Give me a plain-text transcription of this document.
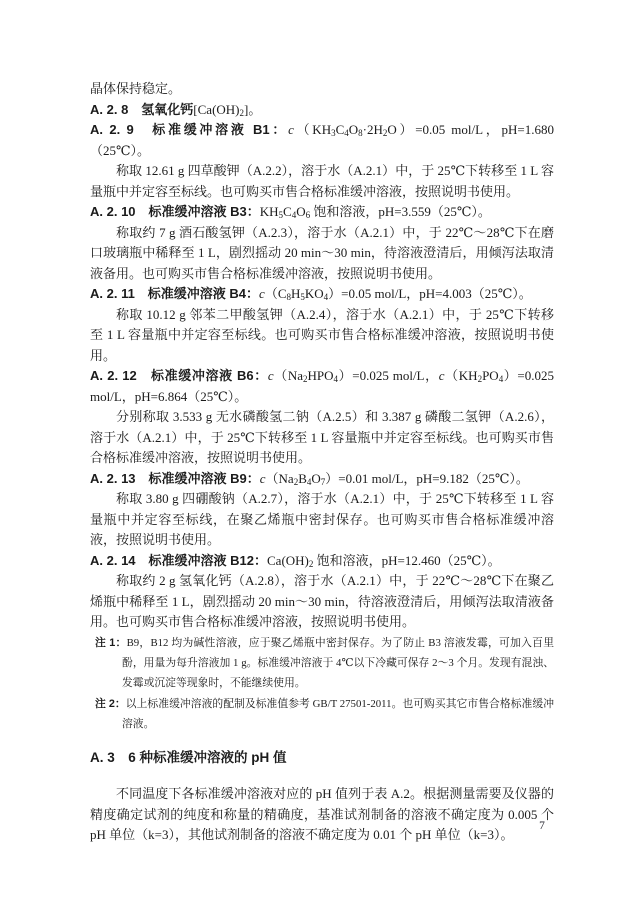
晶体保持稳定。

A. 2. 8　氢氧化钙$[Ca(OH)_2]$。

A. 2. 9　标准缓冲溶液 B1：$c(KH_3C_4O_8\cdot 2H_2O)=0.05$ mol/L，pH=1.680（25℃）。

称取 12.61 g 四草酸钾（A.2.2），溶于水（A.2.1）中，于 25℃下转移至 1 L 容量瓶中并定容至标线。也可购买市售合格标准缓冲溶液，按照说明书使用。

A. 2. 10　标准缓冲溶液 B3：$KH_5C_4O_6$ 饱和溶液，pH=3.559（25℃）。

称取约 7 g 酒石酸氢钾（A.2.3），溶于水（A.2.1）中，于 22℃～28℃下在磨口玻璃瓶中稀释至 1 L，剧烈摇动 20 min～30 min，待溶液澄清后，用倾泻法取清液备用。也可购买市售合格标准缓冲溶液，按照说明书使用。

A. 2. 11　标准缓冲溶液 B4：$c(C_8H_5KO_4)=0.05$ mol/L，pH=4.003（25℃）。

称取 10.12 g 邻苯二甲酸氢钾（A.2.4），溶于水（A.2.1）中，于 25℃下转移至 1 L 容量瓶中并定容至标线。也可购买市售合格标准缓冲溶液，按照说明书使用。

A. 2. 12　标准缓冲溶液 B6：$c(Na_2HPO_4)=0.025$ mol/L，$c(KH_2PO_4)=0.025$ mol/L，pH=6.864（25℃）。

分别称取 3.533 g 无水磷酸氢二钠（A.2.5）和 3.387 g 磷酸二氢钾（A.2.6），溶于水（A.2.1）中，于 25℃下转移至 1 L 容量瓶中并定容至标线。也可购买市售合格标准缓冲溶液，按照说明书使用。

A. 2. 13　标准缓冲溶液 B9：$c(Na_2B_4O_7)=0.01$ mol/L，pH=9.182（25℃）。

称取 3.80 g 四硼酸钠（A.2.7），溶于水（A.2.1）中，于 25℃下转移至 1 L 容量瓶中并定容至标线，在聚乙烯瓶中密封保存。也可购买市售合格标准缓冲溶液，按照说明书使用。

A. 2. 14　标准缓冲溶液 B12：$Ca(OH)_2$ 饱和溶液，pH=12.460（25℃）。

称取约 2 g 氢氧化钙（A.2.8），溶于水（A.2.1）中，于 22℃～28℃下在聚乙烯瓶中稀释至 1 L，剧烈摇动 20 min～30 min，待溶液澄清后，用倾泻法取清液备用。也可购买市售合格标准缓冲溶液，按照说明书使用。

注 1：B9，B12 均为碱性溶液，应于聚乙烯瓶中密封保存。为了防止 B3 溶液发霉，可加入百里酚，用量为每升溶液加 1 g。标准缓冲溶液于 4℃以下冷藏可保存 2～3 个月。发现有混浊、发霉或沉淀等现象时，不能继续使用。

注 2：以上标准缓冲溶液的配制及标准值参考 GB/T 27501-2011。也可购买其它市售合格标准缓冲溶液。

A. 3　6 种标准缓冲溶液的 pH 值

不同温度下各标准缓冲溶液对应的 pH 值列于表 A.2。根据测量需要及仪器的精度确定试剂的纯度和称量的精确度，基准试剂制备的溶液不确定度为 0.005 个 pH 单位（k=3），其他试剂制备的溶液不确定度为 0.01 个 pH 单位（k=3）。

7
